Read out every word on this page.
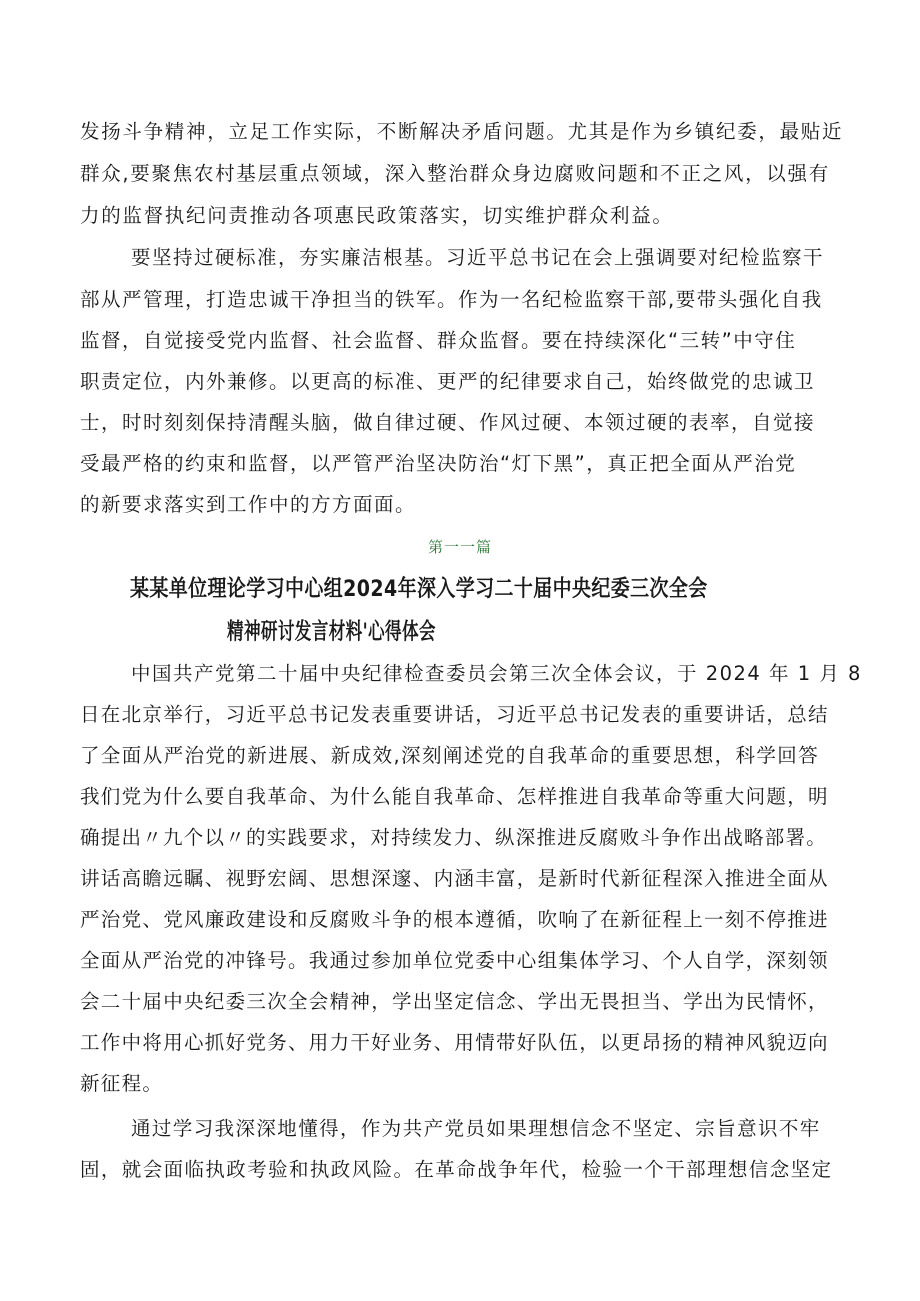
发扬斗争精神，立足工作实际，不断解决矛盾问题。尤其是作为乡镇纪委，最贴近
群众,要聚焦农村基层重点领域，深入整治群众身边腐败问题和不正之风，以强有
力的监督执纪问责推动各项惠民政策落实，切实维护群众利益。
要坚持过硬标准，夯实廉洁根基。习近平总书记在会上强调要对纪检监察干
部从严管理，打造忠诚干净担当的铁军。作为一名纪检监察干部,要带头强化自我
监督，自觉接受党内监督、社会监督、群众监督。要在持续深化“三转”中守住
职责定位，内外兼修。以更高的标准、更严的纪律要求自己，始终做党的忠诚卫
士，时时刻刻保持清醒头脑，做自律过硬、作风过硬、本领过硬的表率，自觉接
受最严格的约束和监督，以严管严治坚决防治“灯下黑”，真正把全面从严治党
的新要求落实到工作中的方方面面。
第一一篇
某某单位理论学习中心组2024年深入学习二十届中央纪委三次全会
精神研讨发言材料'心得体会
中国共产党第二十届中央纪律检查委员会第三次全体会议，于 2024 年 1 月 8
日在北京举行，习近平总书记发表重要讲话，习近平总书记发表的重要讲话，总结
了全面从严治党的新进展、新成效,深刻阐述党的自我革命的重要思想，科学回答
我们党为什么要自我革命、为什么能自我革命、怎样推进自我革命等重大问题，明
确提出〃九个以〃的实践要求，对持续发力、纵深推进反腐败斗争作出战略部署。
讲话高瞻远瞩、视野宏阔、思想深邃、内涵丰富，是新时代新征程深入推进全面从
严治党、党风廉政建设和反腐败斗争的根本遵循，吹响了在新征程上一刻不停推进
全面从严治党的冲锋号。我通过参加单位党委中心组集体学习、个人自学，深刻领
会二十届中央纪委三次全会精神，学出坚定信念、学出无畏担当、学出为民情怀，
工作中将用心抓好党务、用力干好业务、用情带好队伍，以更昂扬的精神风貌迈向
新征程。
通过学习我深深地懂得，作为共产党员如果理想信念不坚定、宗旨意识不牢
固，就会面临执政考验和执政风险。在革命战争年代，检验一个干部理想信念坚定
